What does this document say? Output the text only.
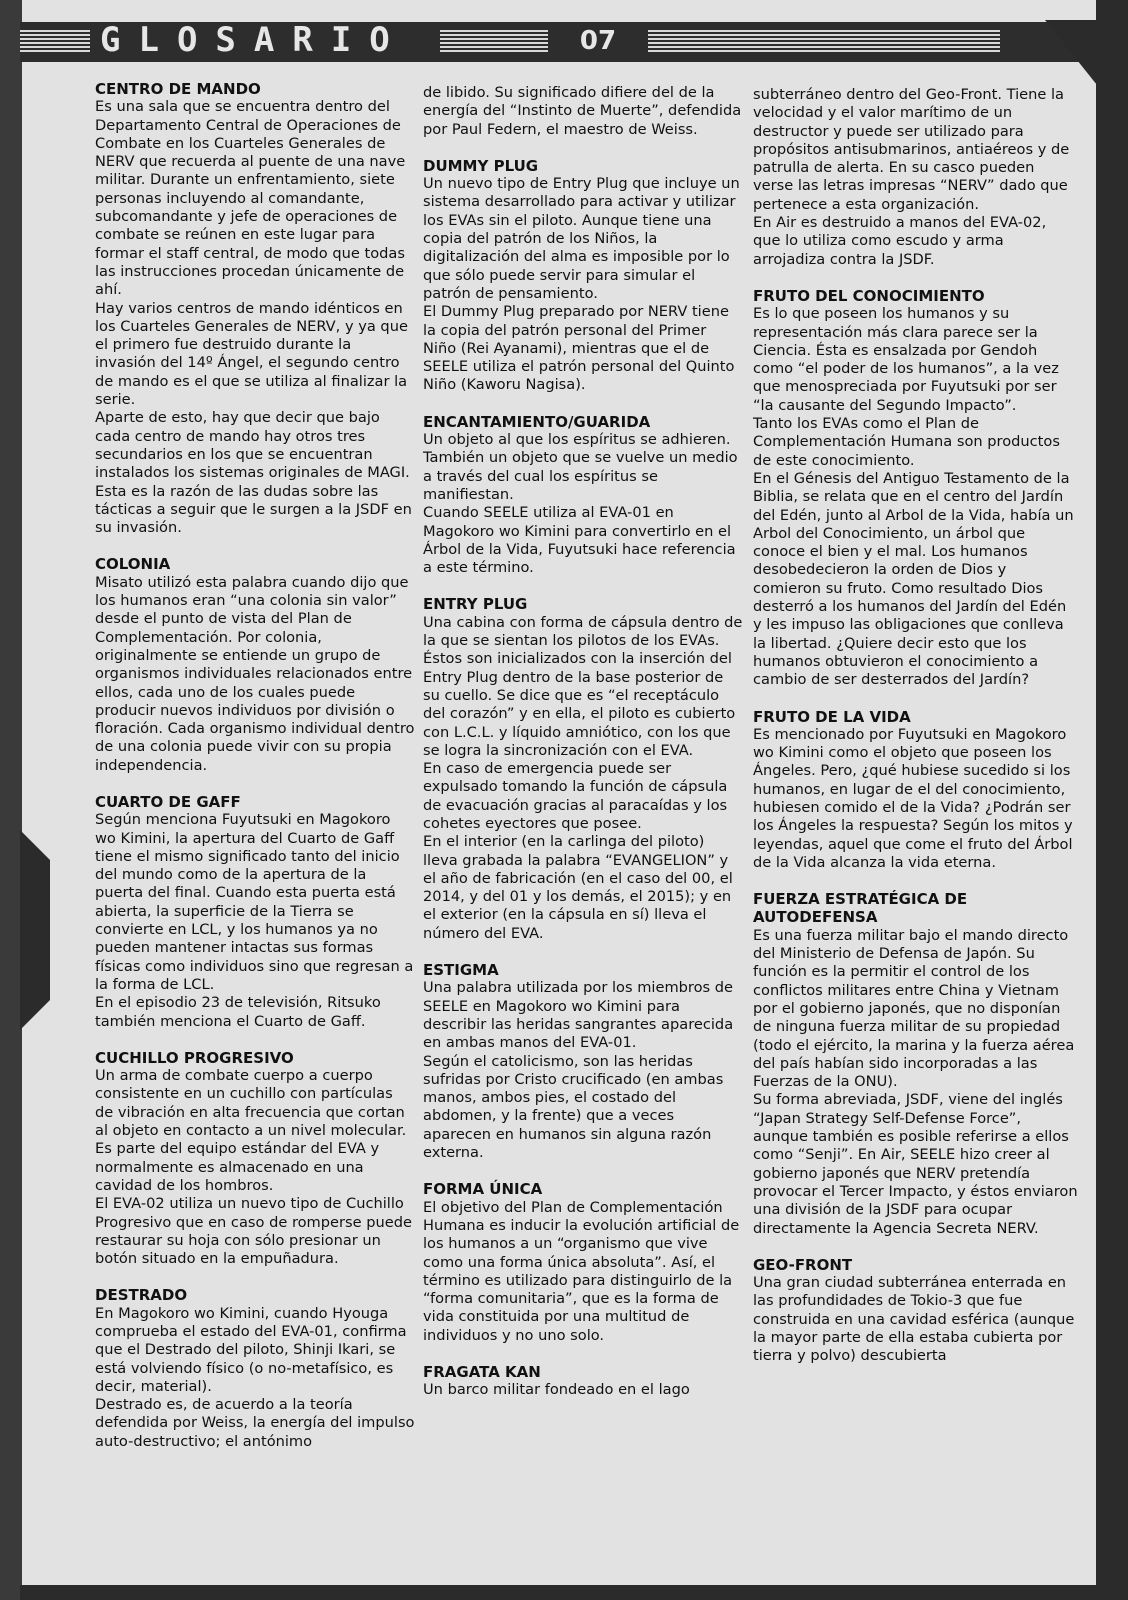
GLOSARIO	07

CENTRO DE MANDO

Es una sala que se encuentra dentro del Departamento Central de Operaciones de Combate en los Cuarteles Generales de NERV que recuerda al puente de una nave militar. Durante un enfrentamiento, siete personas incluyendo al comandante, subcomandante y jefe de operaciones de combate se reúnen en este lugar para formar el staff central, de modo que todas las instrucciones procedan únicamente de ahí.
Hay varios centros de mando idénticos en los Cuarteles Generales de NERV, y ya que el primero fue destruido durante la invasión del 14º Ángel, el segundo centro de mando es el que se utiliza al finalizar la serie.
Aparte de esto, hay que decir que bajo cada centro de mando hay otros tres secundarios en los que se encuentran instalados los sistemas originales de MAGI. Esta es la razón de las dudas sobre las tácticas a seguir que le surgen a la JSDF en su invasión.

COLONIA

Misato utilizó esta palabra cuando dijo que los humanos eran “una colonia sin valor” desde el punto de vista del Plan de Complementación. Por colonia, originalmente se entiende un grupo de organismos individuales relacionados entre ellos, cada uno de los cuales puede producir nuevos individuos por división o floración. Cada organismo individual dentro de una colonia puede vivir con su propia independencia.

CUARTO DE GAFF

Según menciona Fuyutsuki en Magokoro wo Kimini, la apertura del Cuarto de Gaff tiene el mismo significado tanto del inicio del mundo como de la apertura de la puerta del final. Cuando esta puerta está abierta, la superficie de la Tierra se convierte en LCL, y los humanos ya no pueden mantener intactas sus formas físicas como individuos sino que regresan a la forma de LCL.
En el episodio 23 de televisión, Ritsuko también menciona el Cuarto de Gaff.

CUCHILLO PROGRESIVO

Un arma de combate cuerpo a cuerpo consistente en un cuchillo con partículas de vibración en alta frecuencia que cortan al objeto en contacto a un nivel molecular. Es parte del equipo estándar del EVA y normalmente es almacenado en una cavidad de los hombros.
El EVA-02 utiliza un nuevo tipo de Cuchillo Progresivo que en caso de romperse puede restaurar su hoja con sólo presionar un botón situado en la empuñadura.

DESTRADO

En Magokoro wo Kimini, cuando Hyouga comprueba el estado del EVA-01, confirma que el Destrado del piloto, Shinji Ikari, se está volviendo físico (o no-metafísico, es decir, material).
Destrado es, de acuerdo a la teoría defendida por Weiss, la energía del impulso auto-destructivo; el antónimo

de libido. Su significado difiere del de la energía del “Instinto de Muerte”, defendida por Paul Federn, el maestro de Weiss.

DUMMY PLUG

Un nuevo tipo de Entry Plug que incluye un sistema desarrollado para activar y utilizar los EVAs sin el piloto. Aunque tiene una copia del patrón de los Niños, la digitalización del alma es imposible por lo que sólo puede servir para simular el patrón de pensamiento.
El Dummy Plug preparado por NERV tiene la copia del patrón personal del Primer Niño (Rei Ayanami), mientras que el de SEELE utiliza el patrón personal del Quinto Niño (Kaworu Nagisa).

ENCANTAMIENTO/GUARIDA

Un objeto al que los espíritus se adhieren. También un objeto que se vuelve un medio a través del cual los espíritus se manifiestan.
Cuando SEELE utiliza al EVA-01 en Magokoro wo Kimini para convertirlo en el Árbol de la Vida, Fuyutsuki hace referencia a este término.

ENTRY PLUG

Una cabina con forma de cápsula dentro de la que se sientan los pilotos de los EVAs. Éstos son inicializados con la inserción del Entry Plug dentro de la base posterior de su cuello. Se dice que es “el receptáculo del corazón” y en ella, el piloto es cubierto con L.C.L. y líquido amniótico, con los que se logra la sincronización con el EVA.
En caso de emergencia puede ser expulsado tomando la función de cápsula de evacuación gracias al paracaídas y los cohetes eyectores que posee.
En el interior (en la carlinga del piloto) lleva grabada la palabra “EVANGELION” y el año de fabricación (en el caso del 00, el 2014, y del 01 y los demás, el 2015); y en el exterior (en la cápsula en sí) lleva el número del EVA.

ESTIGMA

Una palabra utilizada por los miembros de SEELE en Magokoro wo Kimini para describir las heridas sangrantes aparecida en ambas manos del EVA-01.
Según el catolicismo, son las heridas sufridas por Cristo crucificado (en ambas manos, ambos pies, el costado del abdomen, y la frente) que a veces aparecen en humanos sin alguna razón externa.

FORMA ÚNICA

El objetivo del Plan de Complementación Humana es inducir la evolución artificial de los humanos a un “organismo que vive como una forma única absoluta”. Así, el término es utilizado para distinguirlo de la “forma comunitaria”, que es la forma de vida constituida por una multitud de individuos y no uno solo.

FRAGATA KAN

Un barco militar fondeado en el lago

subterráneo dentro del Geo-Front. Tiene la velocidad y el valor marítimo de un destructor y puede ser utilizado para propósitos antisubmarinos, antiaéreos y de patrulla de alerta. En su casco pueden verse las letras impresas “NERV” dado que pertenece a esta organización.
En Air es destruido a manos del EVA-02, que lo utiliza como escudo y arma arrojadiza contra la JSDF.

FRUTO DEL CONOCIMIENTO

Es lo que poseen los humanos y su representación más clara parece ser la Ciencia. Ésta es ensalzada por Gendoh como “el poder de los humanos”, a la vez que menospreciada por Fuyutsuki por ser “la causante del Segundo Impacto”.
Tanto los EVAs como el Plan de Complementación Humana son productos de este conocimiento.
En el Génesis del Antiguo Testamento de la Biblia, se relata que en el centro del Jardín del Edén, junto al Arbol de la Vida, había un Arbol del Conocimiento, un árbol que conoce el bien y el mal. Los humanos desobedecieron la orden de Dios y comieron su fruto. Como resultado Dios desterró a los humanos del Jardín del Edén y les impuso las obligaciones que conlleva la libertad. ¿Quiere decir esto que los humanos obtuvieron el conocimiento a cambio de ser desterrados del Jardín?

FRUTO DE LA VIDA

Es mencionado por Fuyutsuki en Magokoro wo Kimini como el objeto que poseen los Ángeles. Pero, ¿qué hubiese sucedido si los humanos, en lugar de el del conocimiento, hubiesen comido el de la Vida? ¿Podrán ser los Ángeles la respuesta? Según los mitos y leyendas, aquel que come el fruto del Árbol de la Vida alcanza la vida eterna.

FUERZA ESTRATÉGICA DE AUTODEFENSA

Es una fuerza militar bajo el mando directo del Ministerio de Defensa de Japón. Su función es la permitir el control de los conflictos militares entre China y Vietnam por el gobierno japonés, que no disponían de ninguna fuerza militar de su propiedad (todo el ejército, la marina y la fuerza aérea del país habían sido incorporadas a las Fuerzas de la ONU).
Su forma abreviada, JSDF, viene del inglés “Japan Strategy Self-Defense Force”, aunque también es posible referirse a ellos como “Senji”. En Air, SEELE hizo creer al gobierno japonés que NERV pretendía provocar el Tercer Impacto, y éstos enviaron una división de la JSDF para ocupar directamente la Agencia Secreta NERV.

GEO-FRONT

Una gran ciudad subterránea enterrada en las profundidades de Tokio-3 que fue construida en una cavidad esférica (aunque la mayor parte de ella estaba cubierta por tierra y polvo) descubierta
